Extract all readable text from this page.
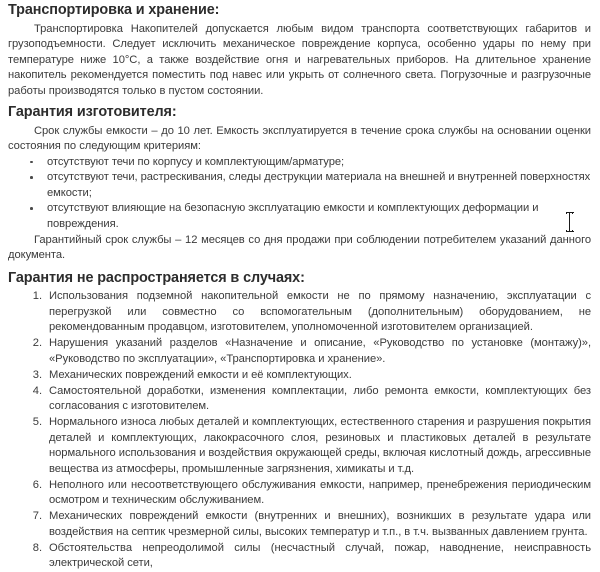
Транспортировка и хранение:

Транспортировка Накопителей допускается любым видом транспорта соответствующих габаритов и грузоподъемности. Следует исключить механическое повреждение корпуса, особенно удары по нему при температуре ниже 10°C, а также воздействие огня и нагревательных приборов. На длительное хранение накопитель рекомендуется поместить под навес или укрыть от солнечного света. Погрузочные и разгрузочные работы производятся только в пустом состоянии.

Гарантия изготовителя:

Срок службы емкости – до 10 лет. Емкость эксплуатируется в течение срока службы на основании оценки состояния по следующим критериям:

отсутствуют течи по корпусу и комплектующим/арматуре;
отсутствуют течи, растрескивания, следы деструкции материала на внешней и внутренней поверхностях емкости;
отсутствуют влияющие на безопасную эксплуатацию емкости и комплектующих деформации и повреждения.

Гарантийный срок службы – 12 месяцев со дня продажи при соблюдении потребителем указаний данного документа.

Гарантия не распространяется в случаях:
1. Использования подземной накопительной емкости не по прямому назначению, эксплуатации с перегрузкой или совместно со вспомогательным (дополнительным) оборудованием, не рекомендованным продавцом, изготовителем, уполномоченной изготовителем организацией.
2. Нарушения указаний разделов «Назначение и описание, «Руководство по установке (монтажу)», «Руководство по эксплуатации», «Транспортировка и хранение».
3. Механических повреждений емкости и её комплектующих.
4. Самостоятельной доработки, изменения комплектации, либо ремонта емкости, комплектующих без согласования с изготовителем.
5. Нормального износа любых деталей и комплектующих, естественного старения и разрушения покрытия деталей и комплектующих, лакокрасочного слоя, резиновых и пластиковых деталей в результате нормального использования и воздействия окружающей среды, включая кислотный дождь, агрессивные вещества из атмосферы, промышленные загрязнения, химикаты и т.д.
6. Неполного или несоответствующего обслуживания емкости, например, пренебрежения периодическим осмотром и техническим обслуживанием.
7. Механических повреждений емкости (внутренних и внешних), возникших в результате удара или воздействия на септик чрезмерной силы, высоких температур и т.п., в т.ч. вызванных давлением грунта.
8. Обстоятельства непреодолимой силы (несчастный случай, пожар, наводнение, неисправность электрической сети,
